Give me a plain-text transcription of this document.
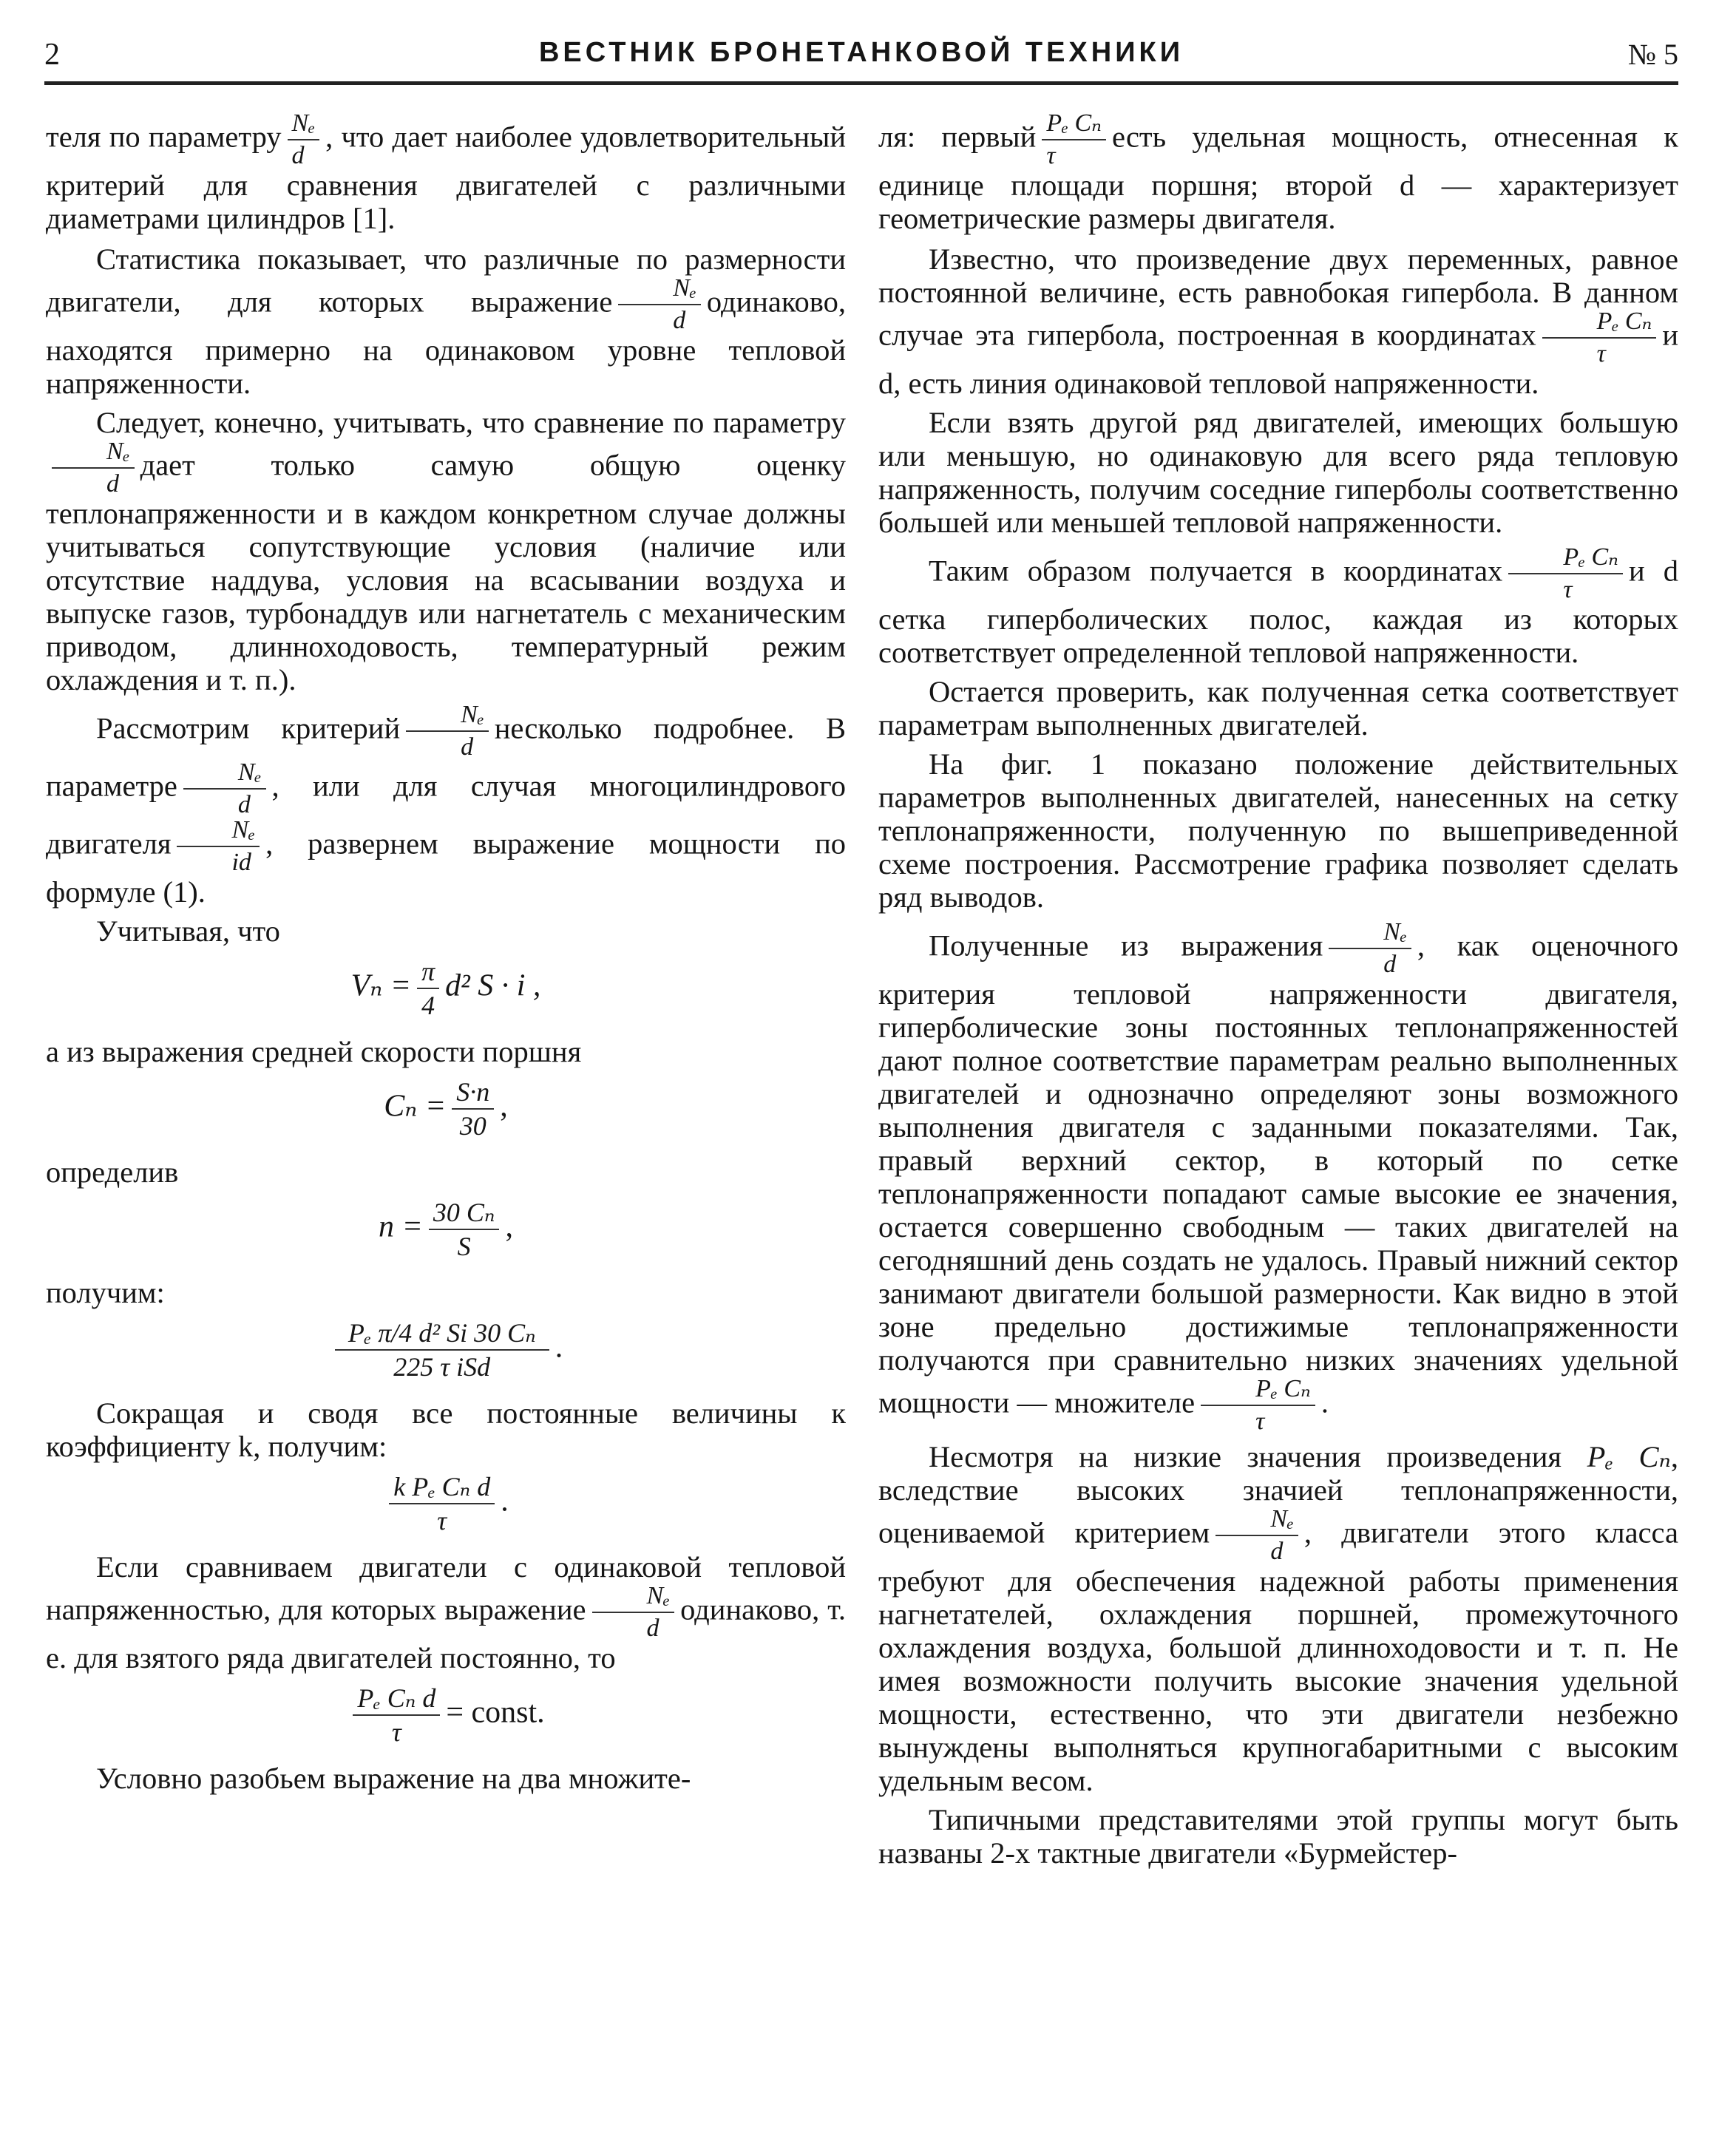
2	ВЕСТНИК БРОНЕТАНКОВОЙ ТЕХНИКИ	№ 5

теля по параметру $\frac{\text{Nₑ}}{d}$ , что дает наиболее удовлетворительный критерий для сравнения двигателей с различными диаметрами цилиндров [1].

Статистика показывает, что различные по размерности двигатели, для которых выражение $\frac{\text{Nₑ}}{d}$ одинаково, находятся примерно на одинаковом уровне тепловой напряженности.

Следует, конечно, учитывать, что сравнение по параметру
$\frac{\text{Nₑ}}{d}$ дает только самую общую оценку теплонапряженности и в каждом конкретном случае должны учитываться сопутствующие условия (наличие или отсутствие наддува, условия на всасывании воздуха и выпуске газов, турбонаддув или нагнетатель с механическим приводом, длинноходовость, температурный режим охлаждения и т. п.).

Рассмотрим критерий $\frac{\text{Nₑ}}{d}$ несколько подробнее. В параметре $\frac{\text{Nₑ}}{d}$ , или для случая многоцилиндрового двигателя $\frac{\text{Nₑ}}{id}$ , развернем выражение мощности по формуле (1).

Учитывая, что

$V_n = \frac{\pi}{4} d^2$ S · i ,

а из выражения средней скорости поршня

$C_n = \frac{S\cdot n}{30}$ ,

определив

$n = \frac{\text{30 Cₙ}}{S}$ ,

получим:

$\frac{\text{Pₑ π/4 d² Si 30 Cₙ}}{\text{225 τ iSd}}$ .

Сокращая и сводя все постоянные величины к коэффициенту k, получим:

$\frac{\text{k Pₑ Cₙ d}}{\tau}$ .

Если сравниваем двигатели с одинаковой тепловой напряженностью, для которых выражение $\frac{\text{Nₑ}}{d}$ одинаково, т. е. для взятого ряда двигателей постоянно, то

$\frac{\text{Pₑ Cₙ d}}{\tau}$ = const.

Условно разобьем выражение на два множите-

ля: первый $\frac{\text{Pₑ Cₙ}}{\tau}$ есть удельная мощность, отнесенная к единице площади поршня; второй d — характеризует геометрические размеры двигателя.

Известно, что произведение двух переменных, равное постоянной величине, есть равнобокая гипербола. В данном случае эта гипербола, построенная в координатах $\frac{\text{Pₑ Cₙ}}{\tau}$ и d, есть линия одинаковой тепловой напряженности.

Если взять другой ряд двигателей, имеющих большую или меньшую, но одинаковую для всего ряда тепловую напряженность, получим соседние гиперболы соответственно большей или меньшей тепловой напряженности.

Таким образом получается в координатах $\frac{\text{Pₑ Cₙ}}{\tau}$ и d сетка гиперболических полос, каждая из которых соответствует определенной тепловой напряженности.

Остается проверить, как полученная сетка соответствует параметрам выполненных двигателей.

На фиг. 1 показано положение действительных параметров выполненных двигателей, нанесенных на сетку теплонапряженности, полученную по вышеприведенной схеме построения. Рассмотрение графика позволяет сделать ряд выводов.

Полученные из выражения $\frac{\text{Nₑ}}{d}$ , как оценочного критерия тепловой напряженности двигателя, гиперболические зоны постоянных теплонапряженностей дают полное соответствие параметрам реально выполненных двигателей и однозначно определяют зоны возможного выполнения двигателя с заданными показателями. Так, правый верхний сектор, в который по сетке теплонапряженности попадают самые высокие ее значения, остается совершенно свободным — таких двигателей на сегодняшний день создать не удалось. Правый нижний сектор занимают двигатели большой размерности. Как видно в этой зоне предельно достижимые теплонапряженности получаются при сравнительно низких значениях удельной мощности — множителе $\frac{\text{Pₑ Cₙ}}{\tau}$ .

Несмотря на низкие значения произведения Pₑ Cₙ, вследствие высоких значией теплонапряженности, оцениваемой критерием $\frac{\text{Nₑ}}{d}$ , двигатели этого класса требуют для обеспечения надежной работы применения нагнетателей, охлаждения поршней, промежуточного охлаждения воздуха, большой длинноходовости и т. п. Не имея возможности получить высокие значения удельной мощности, естественно, что эти двигатели незбежно вынуждены выполняться крупногабаритными с высоким удельным весом.

Типичными представителями этой группы могут быть названы 2-х тактные двигатели «Бурмейстер-
